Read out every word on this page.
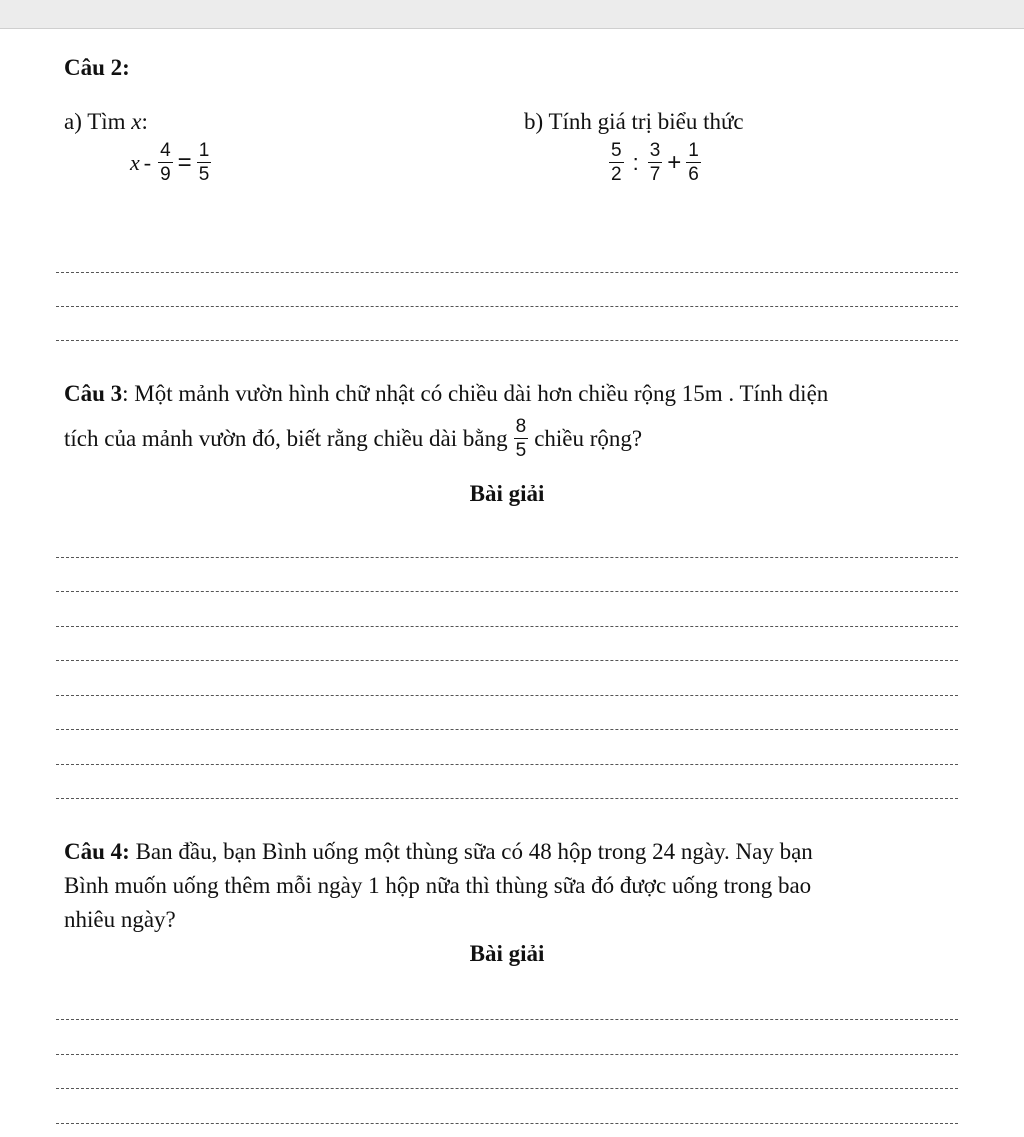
Câu 2:
a) Tìm x:
$x - \frac{4}{9} = \frac{1}{5}$
b) Tính giá trị biểu thức
$\frac{5}{2}$ : $\frac{3}{7} + \frac{1}{6}$
Câu 3: Một mảnh vườn hình chữ nhật có chiều dài hơn chiều rộng 15m . Tính diện
tích của mảnh vườn đó, biết rằng chiều dài bằng $\frac{8}{5}$ chiều rộng?
Bài giải
Câu 4: Ban đầu, bạn Bình uống một thùng sữa có 48 hộp trong 24 ngày. Nay bạn
Bình muốn uống thêm mỗi ngày 1 hộp nữa thì thùng sữa đó được uống trong bao
nhiêu ngày?
Bài giải
